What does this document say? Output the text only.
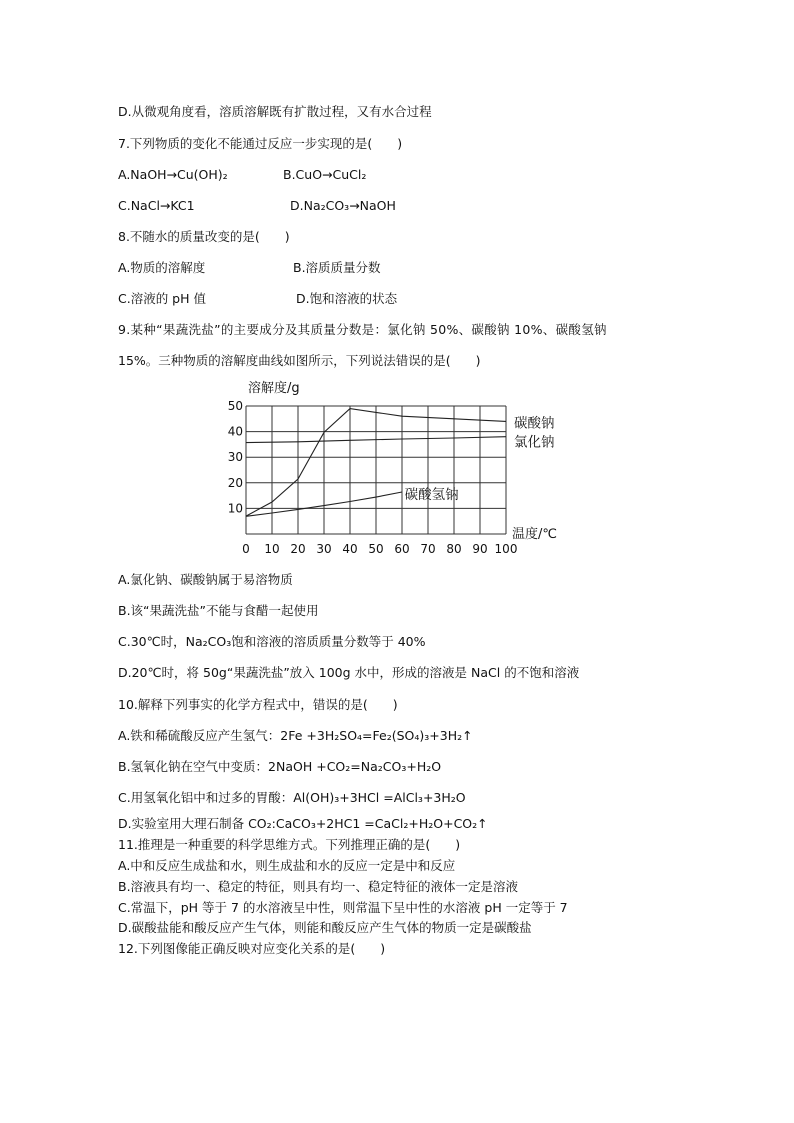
D.从微观角度看，溶质溶解既有扩散过程，又有水合过程
7.下列物质的变化不能通过反应一步实现的是(　　)
A.NaOH→Cu(OH)₂	B.CuO→CuCl₂
C.NaCl→KC1	D.Na₂CO₃→NaOH
8.不随水的质量改变的是(　　)
A.物质的溶解度	B.溶质质量分数
C.溶液的 pH 值	D.饱和溶液的状态
9.某种“果蔬洗盐”的主要成分及其质量分数是：氯化钠 50%、碳酸钠 10%、碳酸氢钠
15%。三种物质的溶解度曲线如图所示，下列说法错误的是(　　)
溶解度/g
温度/℃
0 10 20 30 40 50 60 70 80 90 100
10
20
30
40
50
碳酸钠
氯化钠
碳酸氢钠
A.氯化钠、碳酸钠属于易溶物质
B.该“果蔬洗盐”不能与食醋一起使用
C.30℃时，Na₂CO₃饱和溶液的溶质质量分数等于 40%
D.20℃时，将 50g“果蔬洗盐”放入 100g 水中，形成的溶液是 NaCl 的不饱和溶液
10.解释下列事实的化学方程式中，错误的是(　　)
A.铁和稀硫酸反应产生氢气：2Fe +3H₂SO₄=Fe₂(SO₄)₃+3H₂↑
B.氢氧化钠在空气中变质：2NaOH +CO₂=Na₂CO₃+H₂O
C.用氢氧化铝中和过多的胃酸：Al(OH)₃+3HCl =AlCl₃+3H₂O
D.实验室用大理石制备 CO₂:CaCO₃+2HC1 =CaCl₂+H₂O+CO₂↑
11.推理是一种重要的科学思维方式。下列推理正确的是(　　)
A.中和反应生成盐和水，则生成盐和水的反应一定是中和反应
B.溶液具有均一、稳定的特征，则具有均一、稳定特征的液体一定是溶液
C.常温下，pH 等于 7 的水溶液呈中性，则常温下呈中性的水溶液 pH 一定等于 7
D.碳酸盐能和酸反应产生气体，则能和酸反应产生气体的物质一定是碳酸盐
12.下列图像能正确反映对应变化关系的是(　　)
